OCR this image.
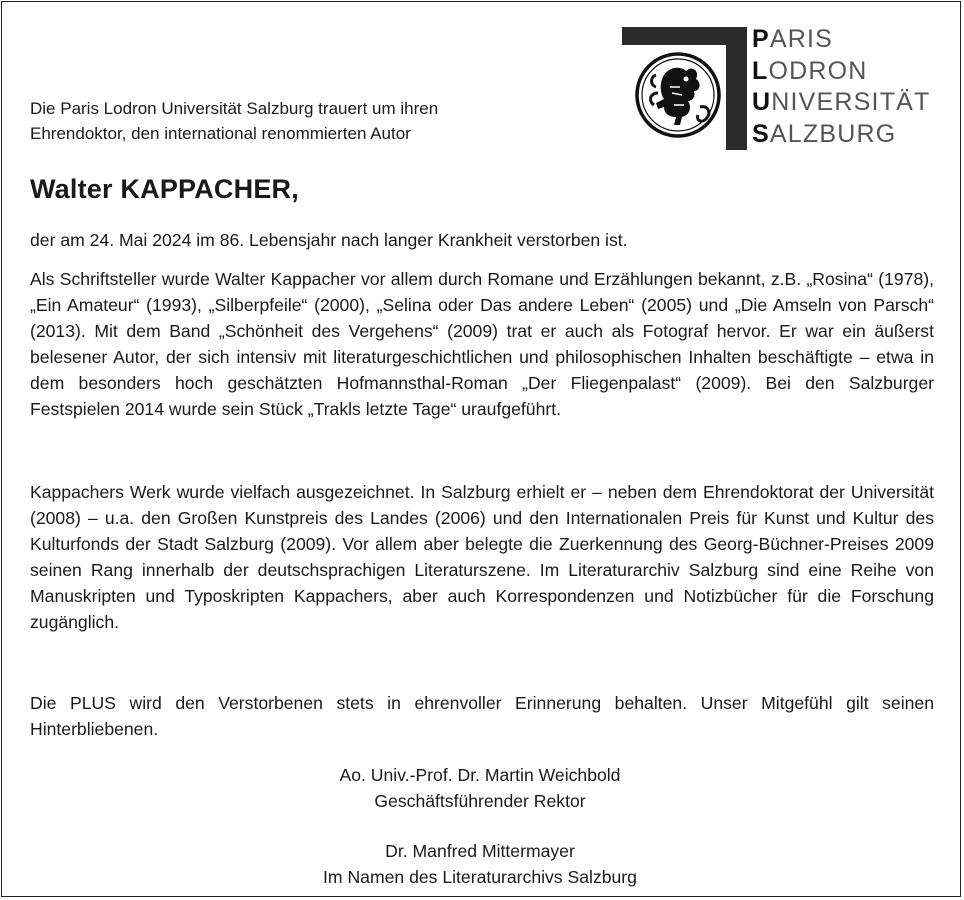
PARIS
LODRON
UNIVERSITÄT
SALZBURG
Die Paris Lodron Universität Salzburg trauert um ihren
Ehrendoktor, den international renommierten Autor
Walter KAPPACHER,
der am 24. Mai 2024 im 86. Lebensjahr nach langer Krankheit verstorben ist.
Als Schriftsteller wurde Walter Kappacher vor allem durch Romane und Erzählungen bekannt, z.B. „Rosina“ (1978), „Ein Amateur“ (1993), „Silberpfeile“ (2000), „Selina oder Das andere Leben“ (2005) und „Die Amseln von Parsch“ (2013). Mit dem Band „Schönheit des Vergehens“ (2009) trat er auch als Fotograf hervor. Er war ein äußerst belesener Autor, der sich intensiv mit literaturgeschichtlichen und philosophischen Inhalten beschäftigte – etwa in dem besonders hoch geschätzten Hofmannsthal-Roman „Der Fliegenpalast“ (2009). Bei den Salzburger Festspielen 2014 wurde sein Stück „Trakls letzte Tage“ uraufgeführt.
Kappachers Werk wurde vielfach ausgezeichnet. In Salzburg erhielt er – neben dem Ehrendoktorat der Universität (2008) – u.a. den Großen Kunstpreis des Landes (2006) und den Internationalen Preis für Kunst und Kultur des Kulturfonds der Stadt Salzburg (2009). Vor allem aber belegte die Zuerkennung des Georg-Büchner-Preises 2009 seinen Rang innerhalb der deutschsprachigen Literaturszene. Im Literaturarchiv Salzburg sind eine Reihe von Manuskripten und Typoskripten Kappachers, aber auch Korrespondenzen und Notizbücher für die Forschung zugänglich.
Die PLUS wird den Verstorbenen stets in ehrenvoller Erinnerung behalten. Unser Mitgefühl gilt seinen Hinterbliebenen.
Ao. Univ.-Prof. Dr. Martin Weichbold
Geschäftsführender Rektor
Dr. Manfred Mittermayer
Im Namen des Literaturarchivs Salzburg
